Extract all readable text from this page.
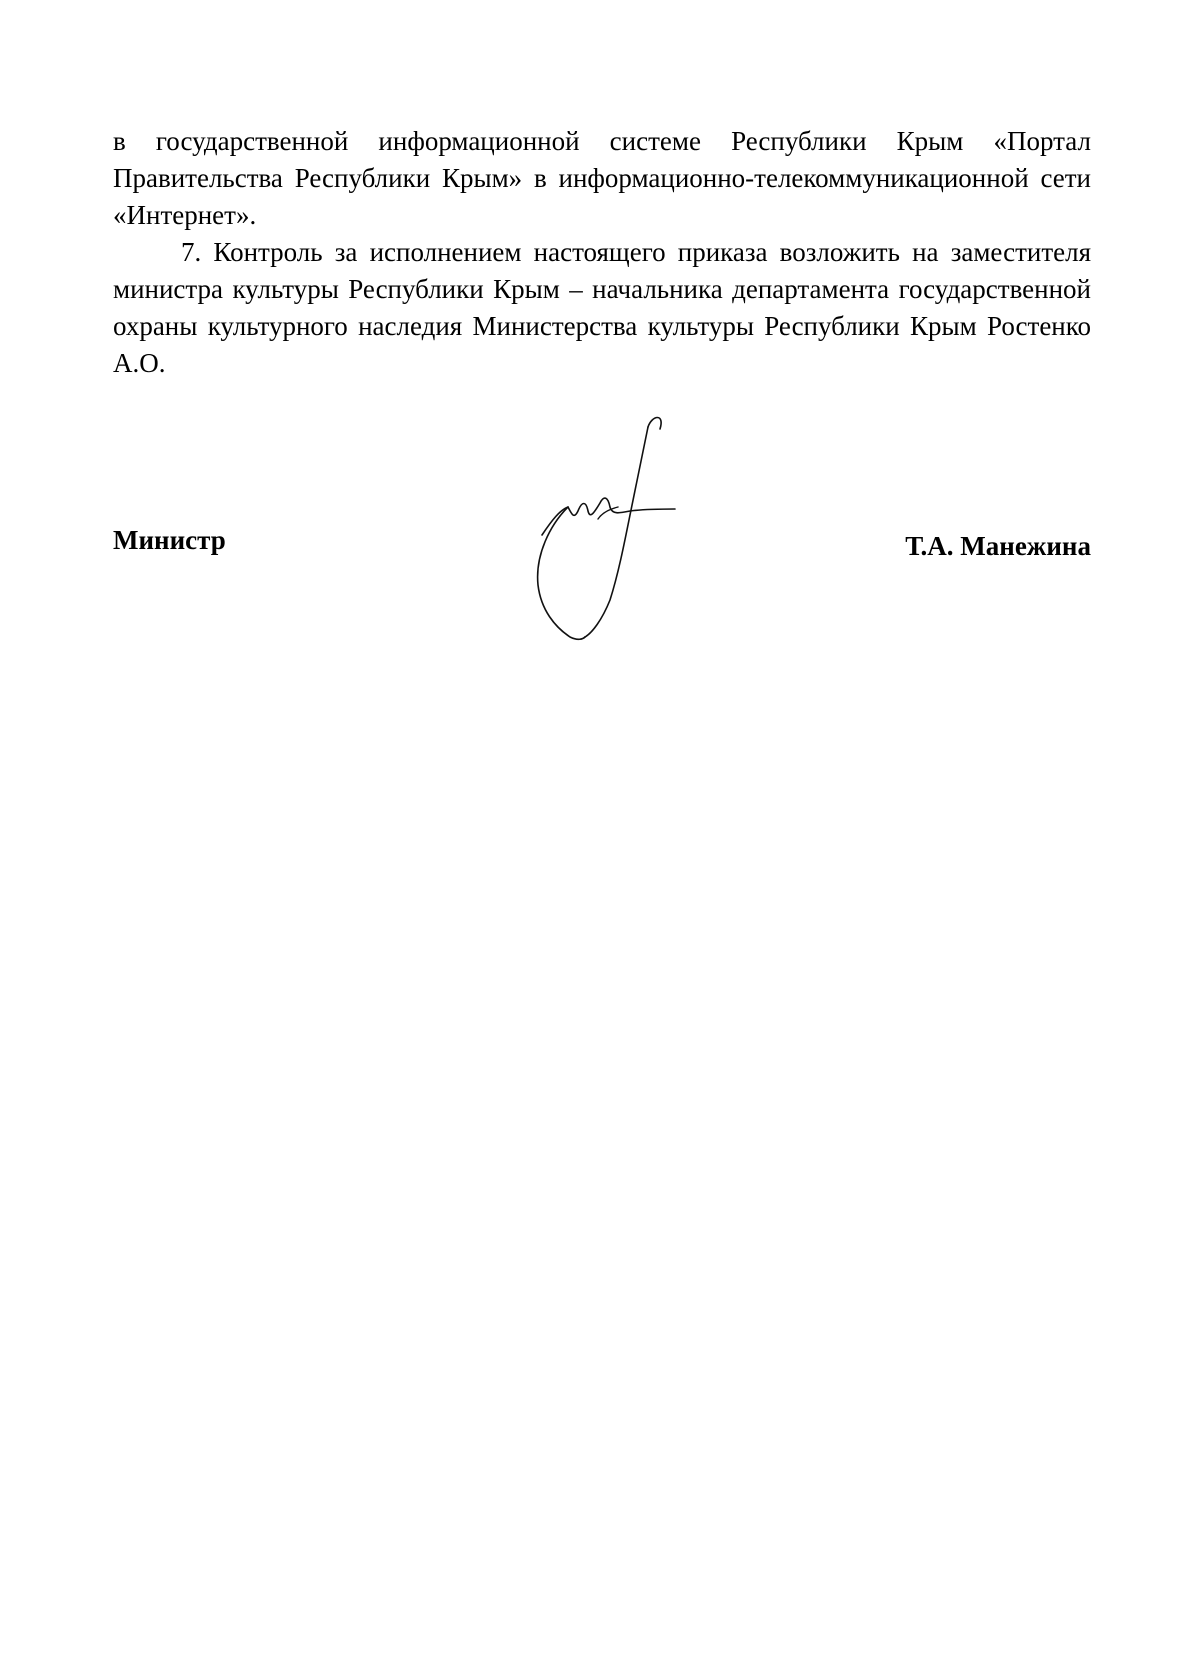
в государственной информационной системе Республики Крым «Портал Правительства Республики Крым» в информационно-телекоммуникационной сети «Интернет».

7. Контроль за исполнением настоящего приказа возложить на заместителя министра культуры Республики Крым – начальника департамента государственной охраны культурного наследия Министерства культуры Республики Крым Ростенко А.О.

Министр	Т.А. Манежина
